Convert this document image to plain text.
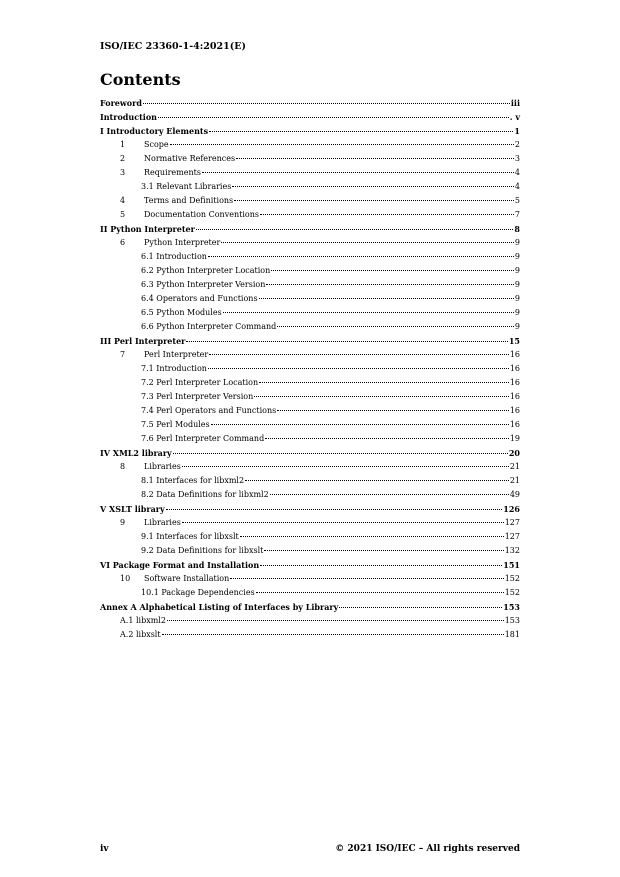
ISO/IEC 23360-1-4:2021(E)
Contents
Foreword	iii
Introduction	. v
I Introductory Elements	1
1	Scope	2
2	Normative References	3
3	Requirements	4
3.1 Relevant Libraries	4
4	Terms and Definitions	5
5	Documentation Conventions	7
II Python Interpreter	8
6	Python Interpreter	9
6.1 Introduction	9
6.2 Python Interpreter Location	9
6.3 Python Interpreter Version	9
6.4 Operators and Functions	9
6.5 Python Modules	9
6.6 Python Interpreter Command	9
III Perl Interpreter	15
7	Perl Interpreter	16
7.1 Introduction	16
7.2 Perl Interpreter Location	16
7.3 Perl Interpreter Version	16
7.4 Perl Operators and Functions	16
7.5 Perl Modules	16
7.6 Perl Interpreter Command	19
IV XML2 library	20
8	Libraries	21
8.1 Interfaces for libxml2	21
8.2 Data Definitions for libxml2	49
V XSLT library	126
9	Libraries	127
9.1 Interfaces for libxslt	127
9.2 Data Definitions for libxslt	132
VI Package Format and Installation	151
10	Software Installation	152
10.1 Package Dependencies	152
Annex A Alphabetical Listing of Interfaces by Library	153
A.1 libxml2	153
A.2 libxslt	181
iv	© 2021 ISO/IEC – All rights reserved
